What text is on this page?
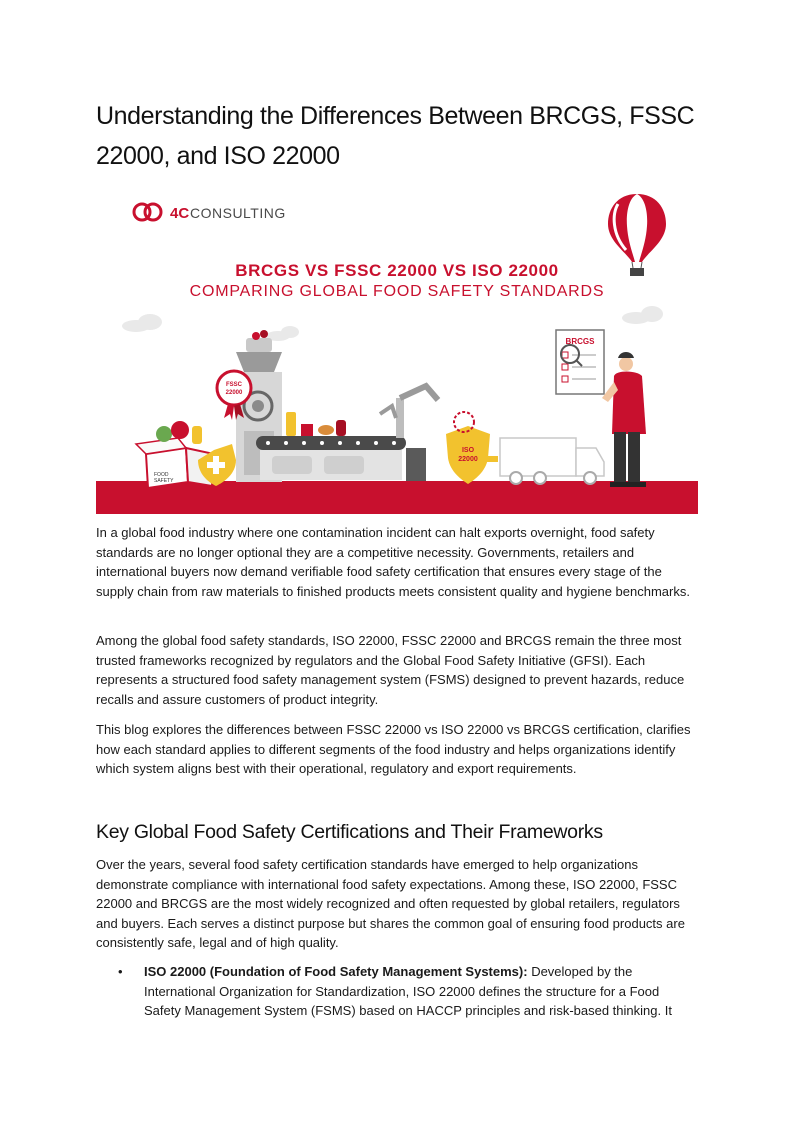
Understanding the Differences Between BRCGS, FSSC 22000, and ISO 22000
4C CONSULTING
BRCGS VS FSSC 22000 VS ISO 22000
COMPARING GLOBAL FOOD SAFETY STANDARDS
FSSC
22000
FOOD
SAFETY
ISO
22000
BRCGS

In a global food industry where one contamination incident can halt exports overnight, food safety standards are no longer optional they are a competitive necessity. Governments, retailers and international buyers now demand verifiable food safety certification that ensures every stage of the supply chain from raw materials to finished products meets consistent quality and hygiene benchmarks.

Among the global food safety standards, ISO 22000, FSSC 22000 and BRCGS remain the three most trusted frameworks recognized by regulators and the Global Food Safety Initiative (GFSI). Each represents a structured food safety management system (FSMS) designed to prevent hazards, reduce recalls and assure customers of product integrity.

This blog explores the differences between FSSC 22000 vs ISO 22000 vs BRCGS certification, clarifies how each standard applies to different segments of the food industry and helps organizations identify which system aligns best with their operational, regulatory and export requirements.

Key Global Food Safety Certifications and Their Frameworks

Over the years, several food safety certification standards have emerged to help organizations demonstrate compliance with international food safety expectations. Among these, ISO 22000, FSSC 22000 and BRCGS are the most widely recognized and often requested by global retailers, regulators and buyers. Each serves a distinct purpose but shares the common goal of ensuring food products are consistently safe, legal and of high quality.

• ISO 22000 (Foundation of Food Safety Management Systems): Developed by the International Organization for Standardization, ISO 22000 defines the structure for a Food Safety Management System (FSMS) based on HACCP principles and risk-based thinking. It
